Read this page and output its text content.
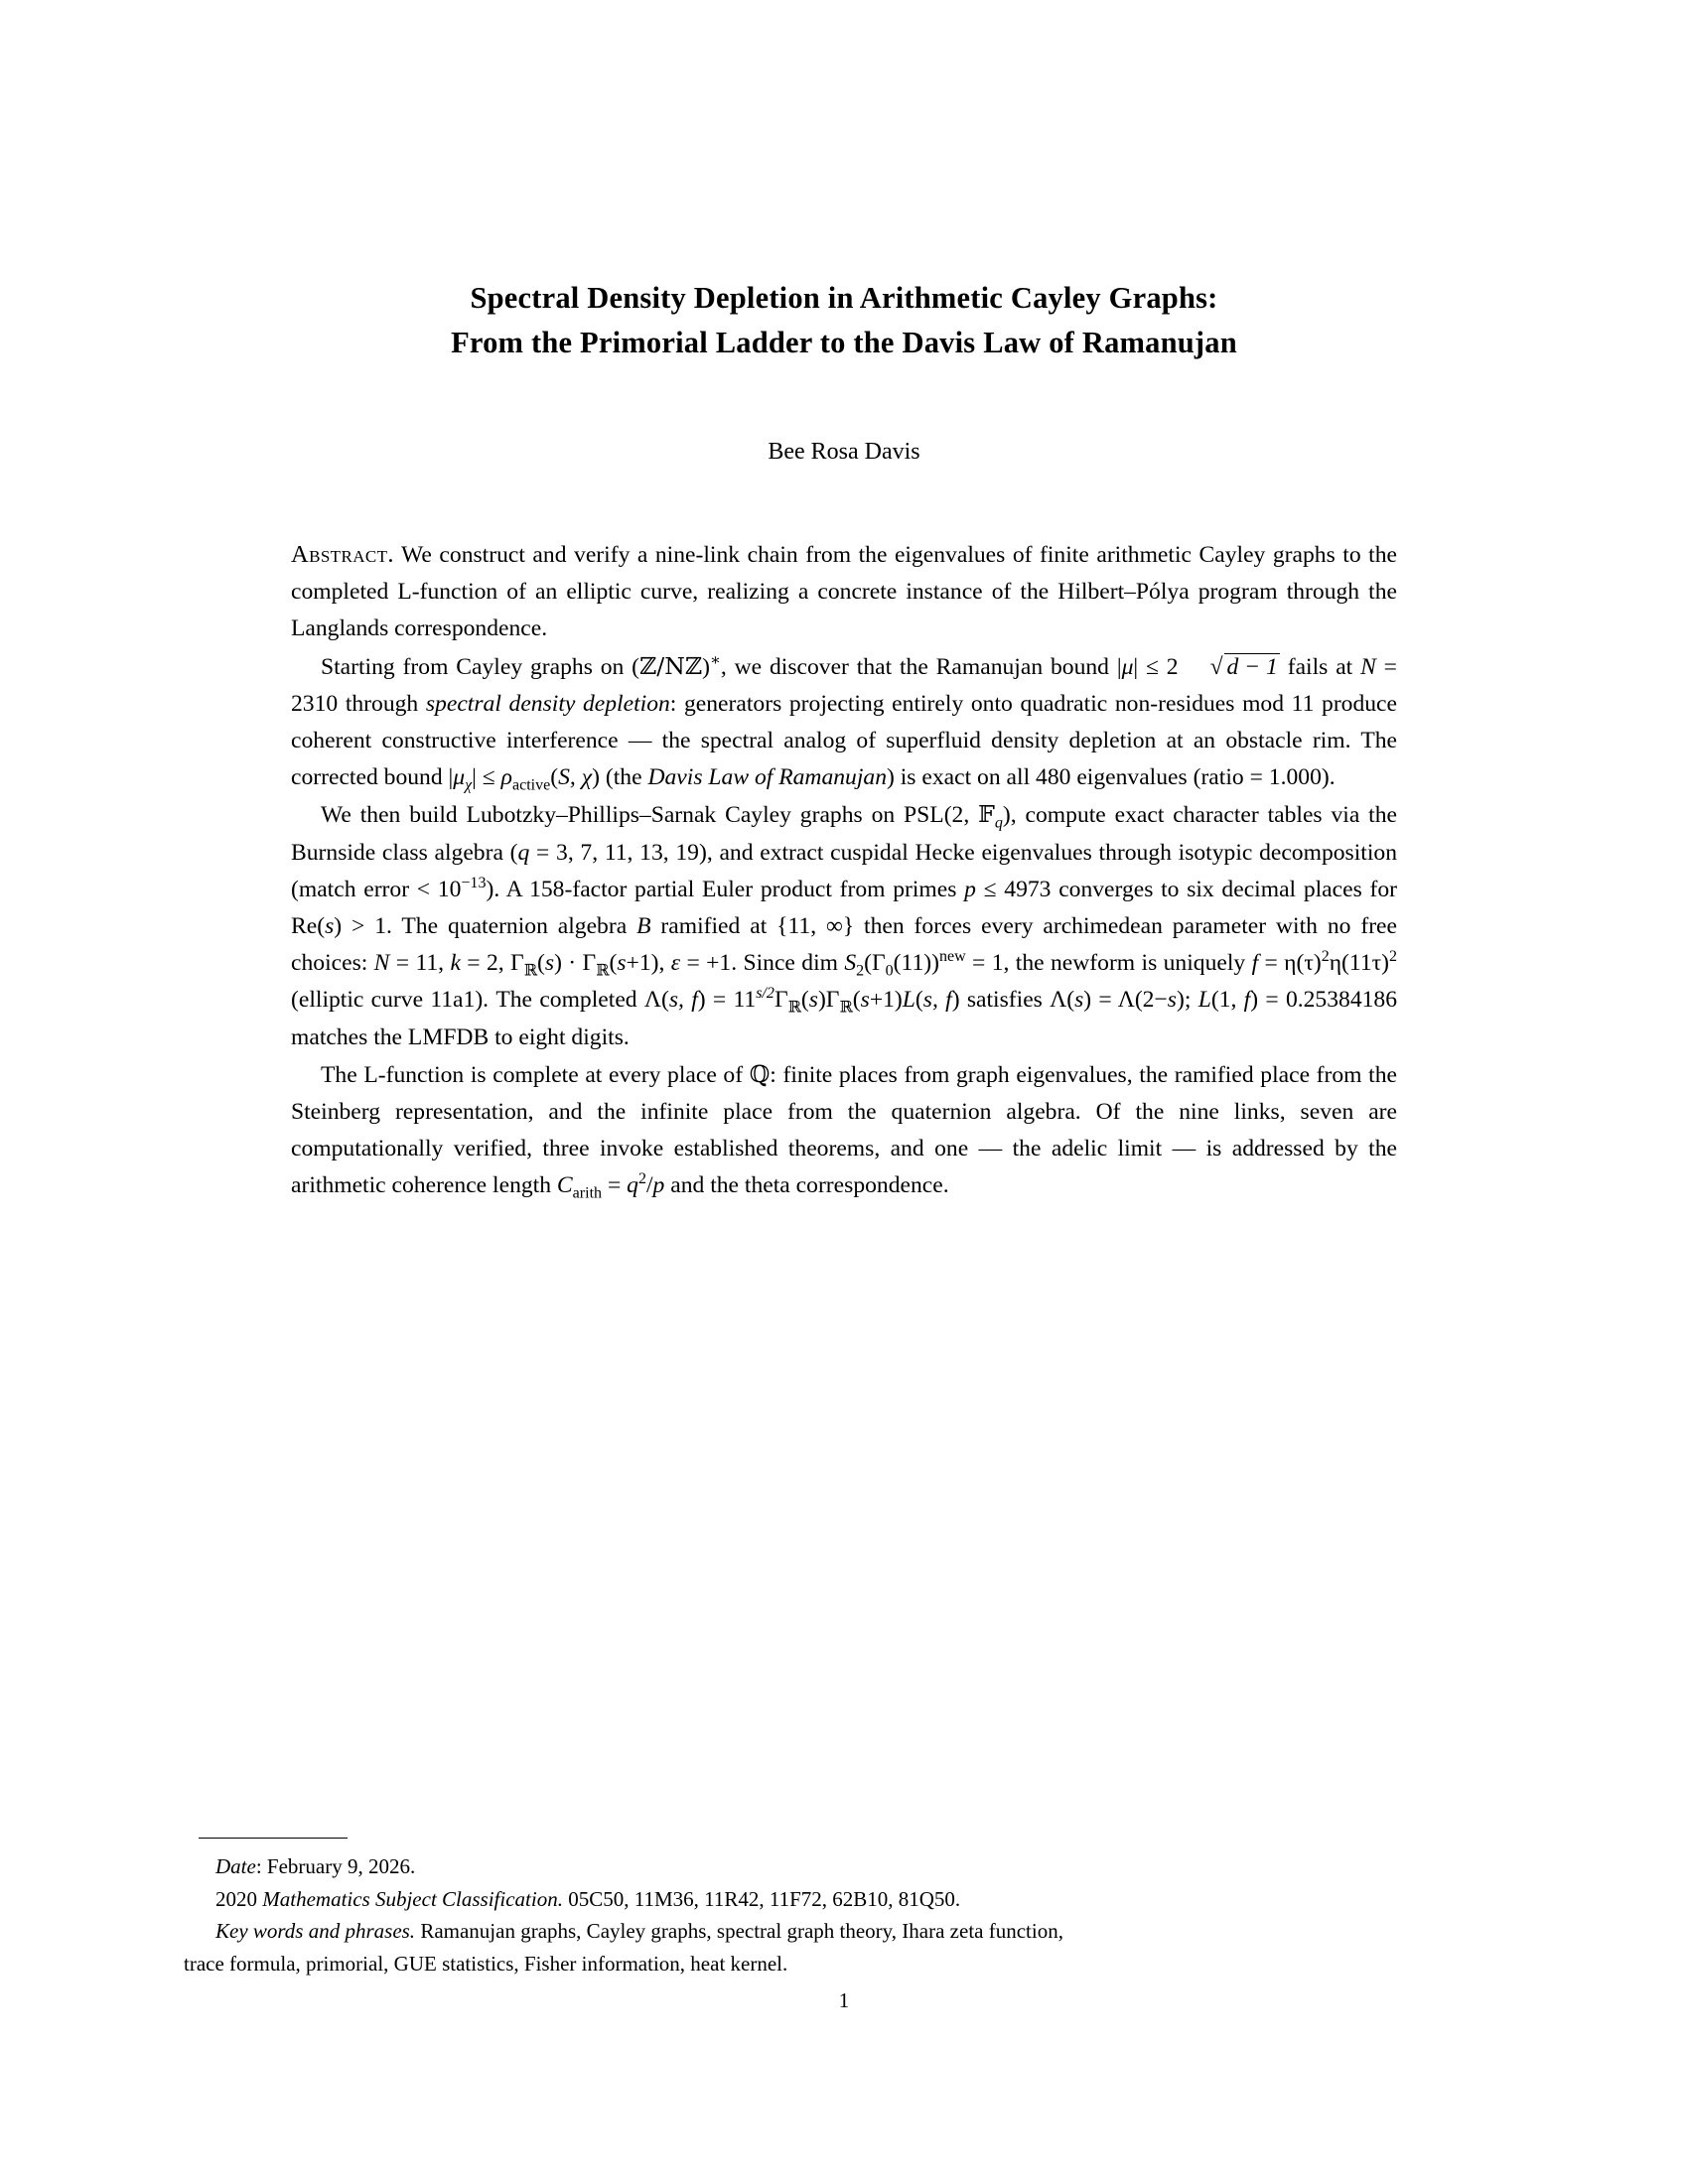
Spectral Density Depletion in Arithmetic Cayley Graphs:
From the Primorial Ladder to the Davis Law of Ramanujan
Bee Rosa Davis

Abstract. We construct and verify a nine-link chain from the eigenvalues of finite arithmetic Cayley graphs to the completed L-function of an elliptic curve, realizing a concrete instance of the Hilbert–Pólya program through the Langlands correspondence.

Starting from Cayley graphs on (ℤ/Nℤ)∗, we discover that the Ramanujan bound |μ| ≤ 2 √ d − 1 fails at N = 2310 through spectral density depletion: generators projecting entirely onto quadratic non-residues mod 11 produce coherent constructive interference — the spectral analog of superfluid density depletion at an obstacle rim. The corrected bound $|\mu_\chi| \le \rho_{active}(S$, χ) (the Davis Law of Ramanujan) is exact on all 480 eigenvalues (ratio = 1.000).

We then build Lubotzky–Phillips–Sarnak Cayley graphs on PSL(2, 𝔽$_q$), compute exact character tables via the Burnside class algebra (q = 3, 7, 11, 13, 19), and extract cuspidal Hecke eigenvalues through isotypic decomposition (match error < $10^{-13}$). A 158-factor partial Euler product from primes p ≤ 4973 converges to six decimal places for Re(s) > 1. The quaternion algebra B ramified at {11, ∞} then forces every archimedean parameter with no free choices: N = 11, k = 2, $\Gamma_ℝ(s) \cdot \Gamma_ℝ(s+1)$, ε = +1. Since dim $S_2(\Gamma_0(11))^{new} = 1$, the newform is uniquely $f = \eta(\tau)^2\eta(11\tau)^2$ (elliptic curve 11a1). The completed Λ(s, $f) = 11^{s/2}\Gamma_ℝ(s)\Gamma_ℝ(s+1)L(s$, f) satisfies Λ(s) = Λ(2−s); L(1, f) = 0.25384186 matches the LMFDB to eight digits.

The L-function is complete at every place of ℚ: finite places from graph eigenvalues, the ramified place from the Steinberg representation, and the infinite place from the quaternion algebra. Of the nine links, seven are computationally verified, three invoke established theorems, and one — the adelic limit — is addressed by the arithmetic coherence length $C_{arith} = q^2/p$ and the theta correspondence.

Date: February 9, 2026.

2020 Mathematics Subject Classification. 05C50, 11M36, 11R42, 11F72, 62B10, 81Q50.

Key words and phrases. Ramanujan graphs, Cayley graphs, spectral graph theory, Ihara zeta function,

trace formula, primorial, GUE statistics, Fisher information, heat kernel.

1
